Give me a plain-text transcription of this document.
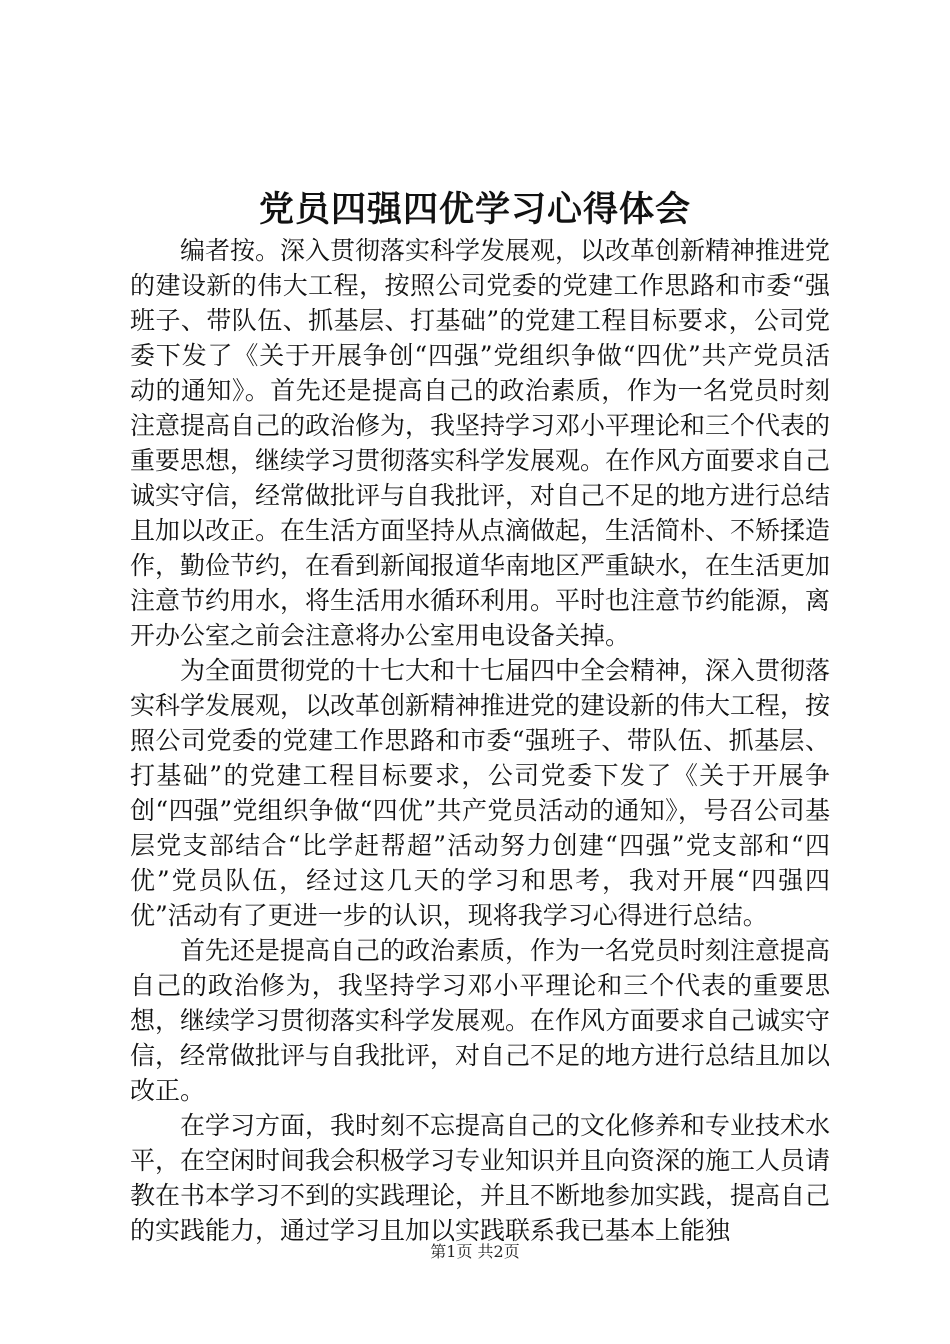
党员四强四优学习心得体会

编者按。深入贯彻落实科学发展观，以改革创新精神推进党的建设新的伟大工程，按照公司党委的党建工作思路和市委“强班子、带队伍、抓基层、打基础”的党建工程目标要求，公司党委下发了《关于开展争创“四强”党组织争做“四优”共产党员活动的通知》。首先还是提高自己的政治素质，作为一名党员时刻注意提高自己的政治修为，我坚持学习邓小平理论和三个代表的重要思想，继续学习贯彻落实科学发展观。在作风方面要求自己诚实守信，经常做批评与自我批评，对自己不足的地方进行总结且加以改正。在生活方面坚持从点滴做起，生活简朴、不矫揉造作，勤俭节约，在看到新闻报道华南地区严重缺水，在生活更加注意节约用水，将生活用水循环利用。平时也注意节约能源，离开办公室之前会注意将办公室用电设备关掉。

为全面贯彻党的十七大和十七届四中全会精神，深入贯彻落实科学发展观，以改革创新精神推进党的建设新的伟大工程，按照公司党委的党建工作思路和市委“强班子、带队伍、抓基层、打基础”的党建工程目标要求，公司党委下发了《关于开展争创“四强”党组织争做“四优”共产党员活动的通知》，号召公司基层党支部结合“比学赶帮超”活动努力创建“四强”党支部和“四优”党员队伍，经过这几天的学习和思考，我对开展“四强四优”活动有了更进一步的认识，现将我学习心得进行总结。

首先还是提高自己的政治素质，作为一名党员时刻注意提高自己的政治修为，我坚持学习邓小平理论和三个代表的重要思想，继续学习贯彻落实科学发展观。在作风方面要求自己诚实守信，经常做批评与自我批评，对自己不足的地方进行总结且加以改正。

在学习方面，我时刻不忘提高自己的文化修养和专业技术水平，在空闲时间我会积极学习专业知识并且向资深的施工人员请教在书本学习不到的实践理论，并且不断地参加实践，提高自己的实践能力，通过学习且加以实践联系我已基本上能独

第1页 共2页
